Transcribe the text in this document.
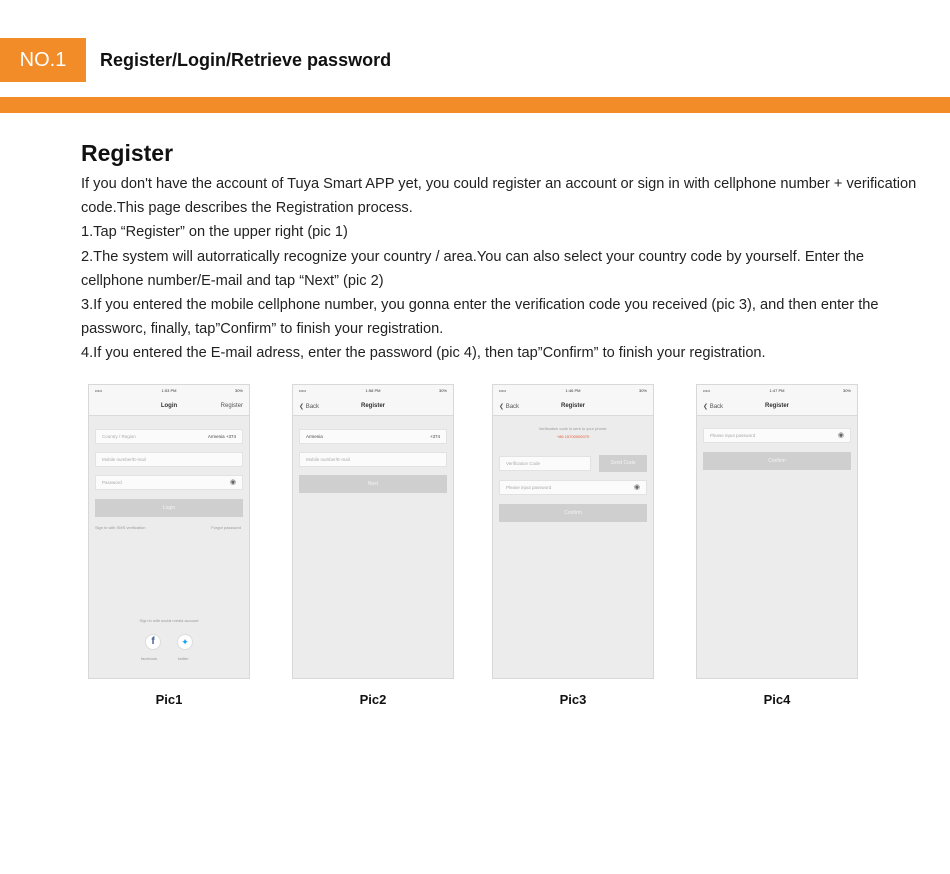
NO.1	Register/Login/Retrieve password
Register

If you don't have the account of Tuya Smart APP yet, you could register an account or sign in with cellphone number + verification code.This page describes the Registration process.

1.Tap “Register” on the upper right (pic 1)

2.The system will autorratically recognize your country / area.You can also select your country code by yourself. Enter the cellphone number/E-mail and tap “Next” (pic 2)

3.If you entered the mobile cellphone number, you gonna enter the verification code you received (pic 3), and then enter the passworc, finally, tap”Confirm” to finish your registration.

4.If you entered the E-mail adress, enter the password (pic 4), then tap”Confirm” to finish your registration.

•••••	1:53 PM	30%
Login	Register
Country / Region	Armenia +374
Mobile number/E-mail
Password	◉
Login
Sign in with SMS verification	Forgot password
Sign in with social media account
f	✦
facebook	twitter
Pic1
•••••	1:58 PM	30%
❮ Back	Register
Armenia	+374
Mobile number/E-mail
Next
Pic2
•••••	1:46 PM	30%
❮ Back	Register
Verification code is sent to your phone:
+86 15700000070
Verification Code	Send Code
Please input password	◉
Confirm
Pic3
•••••	1:47 PM	30%
❮ Back	Register
Please input password	◉
Confirm
Pic4
